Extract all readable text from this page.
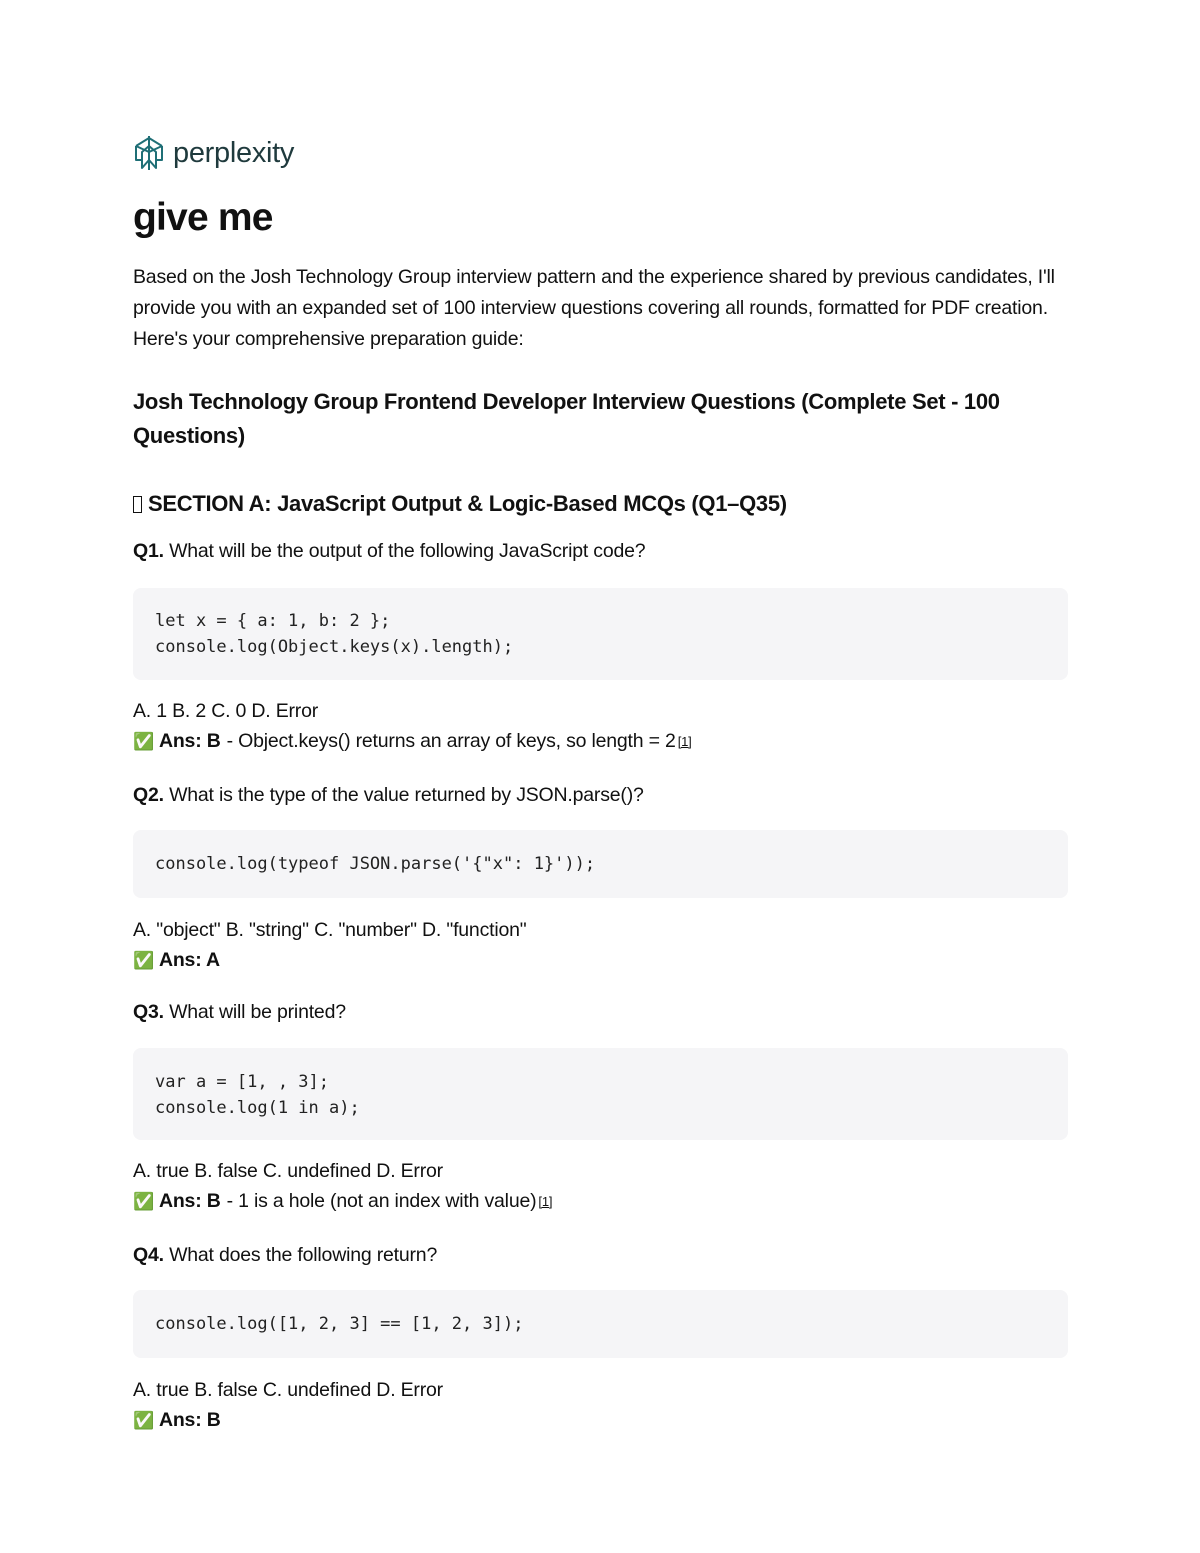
perplexity
give me

Based on the Josh Technology Group interview pattern and the experience shared by previous candidates, I'll provide you with an expanded set of 100 interview questions covering all rounds, formatted for PDF creation. Here's your comprehensive preparation guide:

Josh Technology Group Frontend Developer Interview Questions (Complete Set - 100 Questions)
SECTION A: JavaScript Output & Logic-Based MCQs (Q1–Q35)

Q1. What will be the output of the following JavaScript code?

let x = { a: 1, b: 2 };
console.log(Object.keys(x).length);

A. 1 B. 2 C. 0 D. Error

✅ Ans: B - Object.keys() returns an array of keys, so length = 2 [1]

Q2. What is the type of the value returned by JSON.parse()?

console.log(typeof JSON.parse('{"x": 1}'));

A. "object" B. "string" C. "number" D. "function"

✅ Ans: A

Q3. What will be printed?

var a = [1, , 3];
console.log(1 in a);

A. true B. false C. undefined D. Error

✅ Ans: B - 1 is a hole (not an index with value) [1]

Q4. What does the following return?

console.log([1, 2, 3] == [1, 2, 3]);

A. true B. false C. undefined D. Error

✅ Ans: B
